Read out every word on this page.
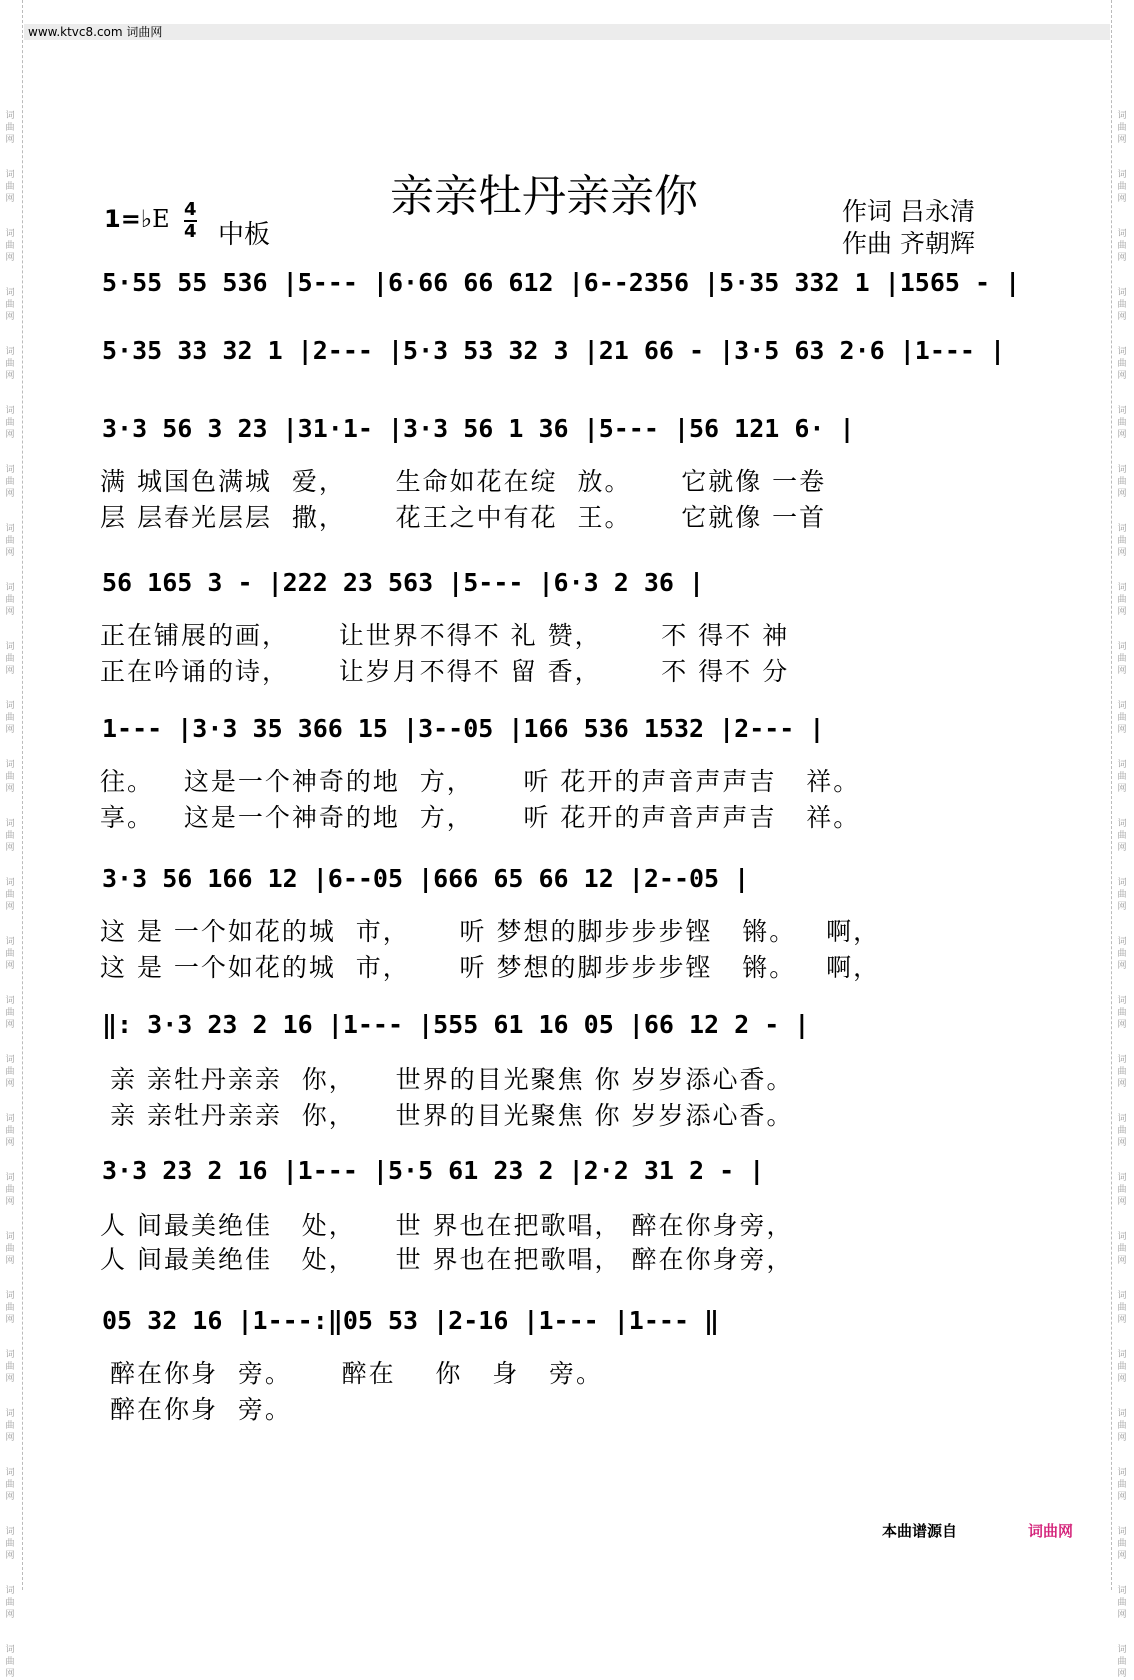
词
曲
网
词
曲
网
词
曲
网
词
曲
网
词
曲
网
词
曲
网
词
曲
网
词
曲
网
词
曲
网
词
曲
网
词
曲
网
词
曲
网
词
曲
网
词
曲
网
词
曲
网
词
曲
网
词
曲
网
词
曲
网
词
曲
网
词
曲
网
词
曲
网
词
曲
网
词
曲
网
词
曲
网
词
曲
网
词
曲
网
词
曲
网
词
曲
网
词
曲
网
词
曲
网
词
曲
网
词
曲
网
词
曲
网
词
曲
网
词
曲
网
词
曲
网
词
曲
网
词
曲
网
词
曲
网
词
曲
网
词
曲
网
词
曲
网
词
曲
网
词
曲
网
词
曲
网
词
曲
网
词
曲
网
词
曲
网
词
曲
网
词
曲
网
词
曲
网
词
曲
网
词
曲
网
词
曲
网
www.ktvc8.com 词曲网
亲亲牡丹亲亲你	作词 吕永清
作曲 齐朝辉
1=♭E 4
4 中板
5·55 55 536 |5--- |6·66 66 612 |6--2356 |5·35 332 1 |1565 - |
5·35 33 32 1 |2--- |5·3 53 32 3 |21 66 - |3·5 63 2·6 |1--- |
3·3 56 3 23 |31·1- |3·3 56 1 36 |5--- |56 121 6· |
满 城国色满城  爱，     生命如花在绽  放。     它就像 一卷
层 层春光层层  撒，     花王之中有花  王。     它就像 一首
56 165 3 - |222 23 563 |5--- |6·3 2 36 |
正在铺展的画，     让世界不得不 礼 赞，      不 得不 神
正在吟诵的诗，     让岁月不得不 留 香，      不 得不 分
1--- |3·3 35 366 15 |3--05 |166 536 1532 |2--- |
往。   这是一个神奇的地  方，     听 花开的声音声声吉   祥。
享。   这是一个神奇的地  方，     听 花开的声音声声吉   祥。
3·3 56 166 12 |6--05 |666 65 66 12 |2--05 |
这 是 一个如花的城  市，     听 梦想的脚步步步铿   锵。   啊，
这 是 一个如花的城  市，     听 梦想的脚步步步铿   锵。   啊，
‖: 3·3 23 2 16 |1--- |555 61 16 05 |66 12 2 - |
亲 亲牡丹亲亲  你，    世界的目光聚焦 你 岁岁添心香。
亲 亲牡丹亲亲  你，    世界的目光聚焦 你 岁岁添心香。
3·3 23 2 16 |1--- |5·5 61 23 2 |2·2 31 2 - |
人 间最美绝佳   处，    世 界也在把歌唱， 醉在你身旁，
人 间最美绝佳   处，    世 界也在把歌唱， 醉在你身旁，
05 32 16 |1---:‖05 53 |2-16 |1--- |1--- ‖
醉在你身  旁。     醉在    你   身   旁。
醉在你身  旁。
本曲谱源自	词曲网
